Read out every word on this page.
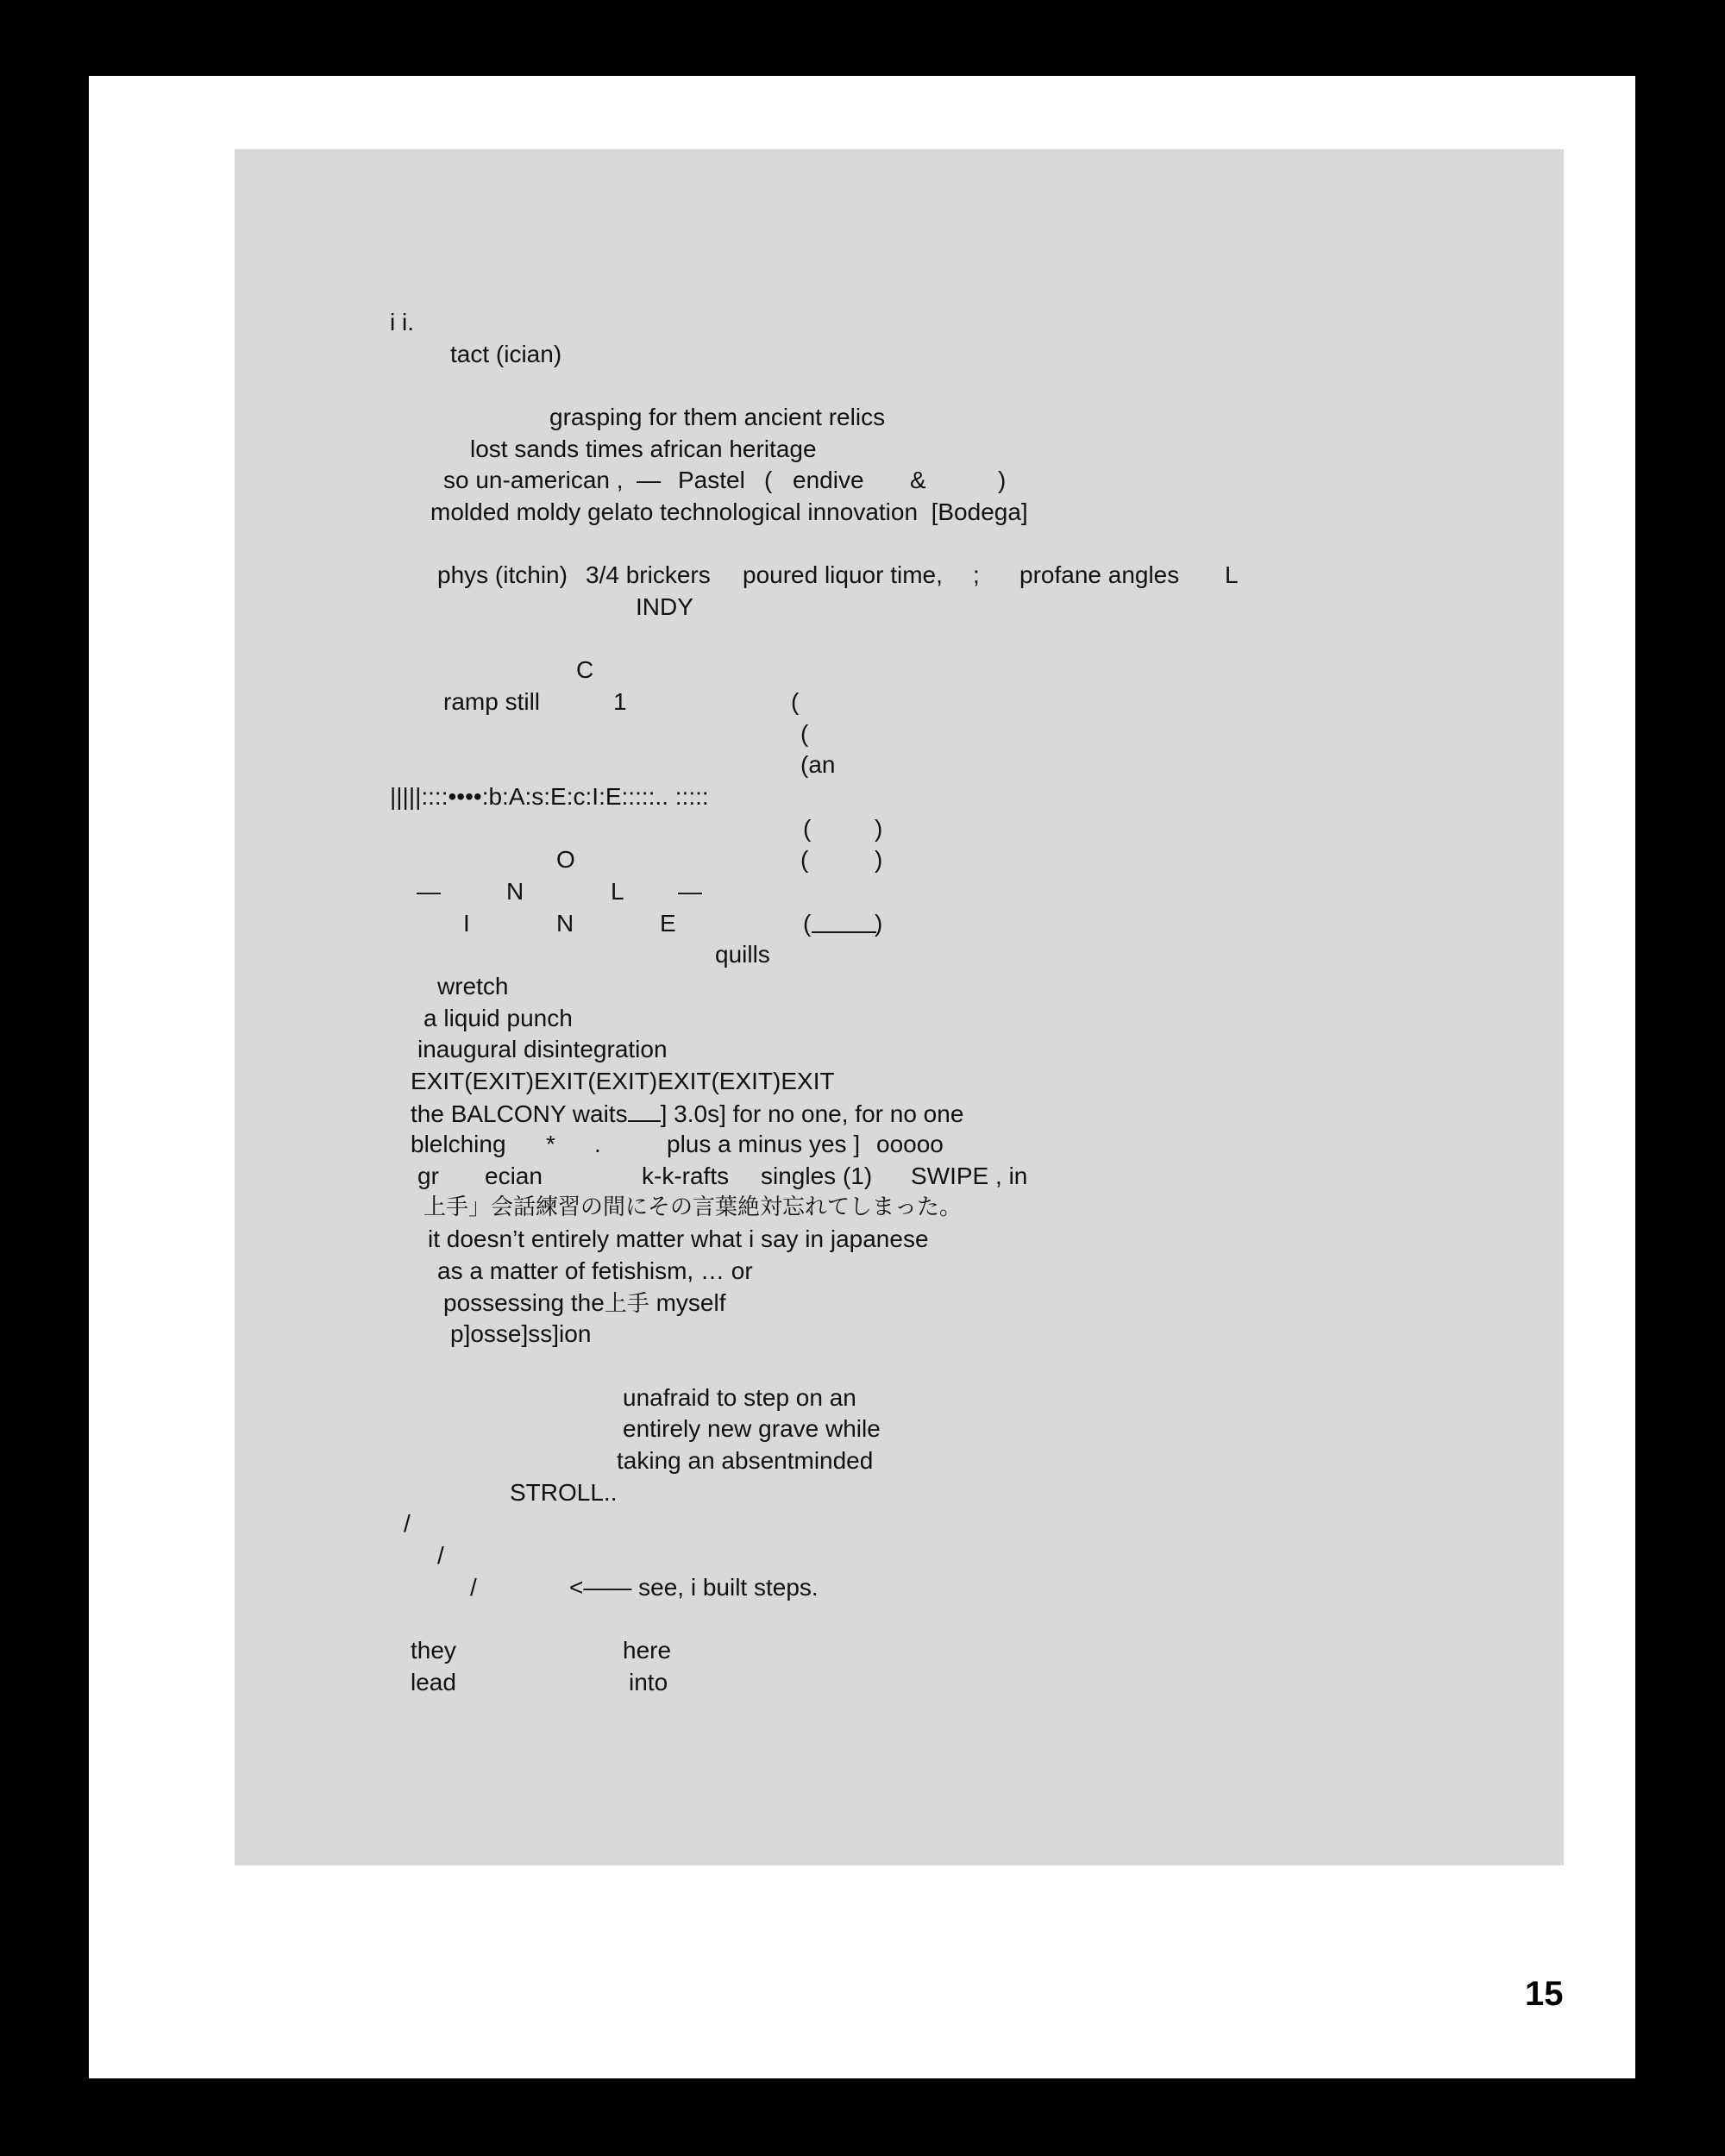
i i.
tact (ician)
grasping for them ancient relics
lost sands times african heritage
so un-american ,  — Pastel ( endive &	)
molded moldy gelato technological innovation  [Bodega]
phys (itchin) 3/4 brickers poured liquor time, ; profane angles L
INDY
C
ramp still	1	(
(
(an
|||||::::••••:b:A:s:E:c:I:E:::::.. :::::
(	)
O	(	)
—	N	L —
I	N	E	(	)
quills
wretch
a liquid punch
inaugural disintegration
EXIT(EXIT)EXIT(EXIT)EXIT(EXIT)EXIT
the BALCONY waits ] 3.0s] for no one, for no one
blelching * .	plus a minus yes ] ooooo
gr ecian	k-k-rafts singles (1) SWIPE , in
上手」会話練習の間にその言葉絶対忘れてしまった。
it doesn’t entirely matter what i say in japanese
as a matter of fetishism, … or
possessing the上手 myself
p]osse]ss]ion
unafraid to step on an
entirely new grave while
taking an absentminded
STROLL..
/
/
/	<—— see, i built steps.
they	here
lead	into
15
